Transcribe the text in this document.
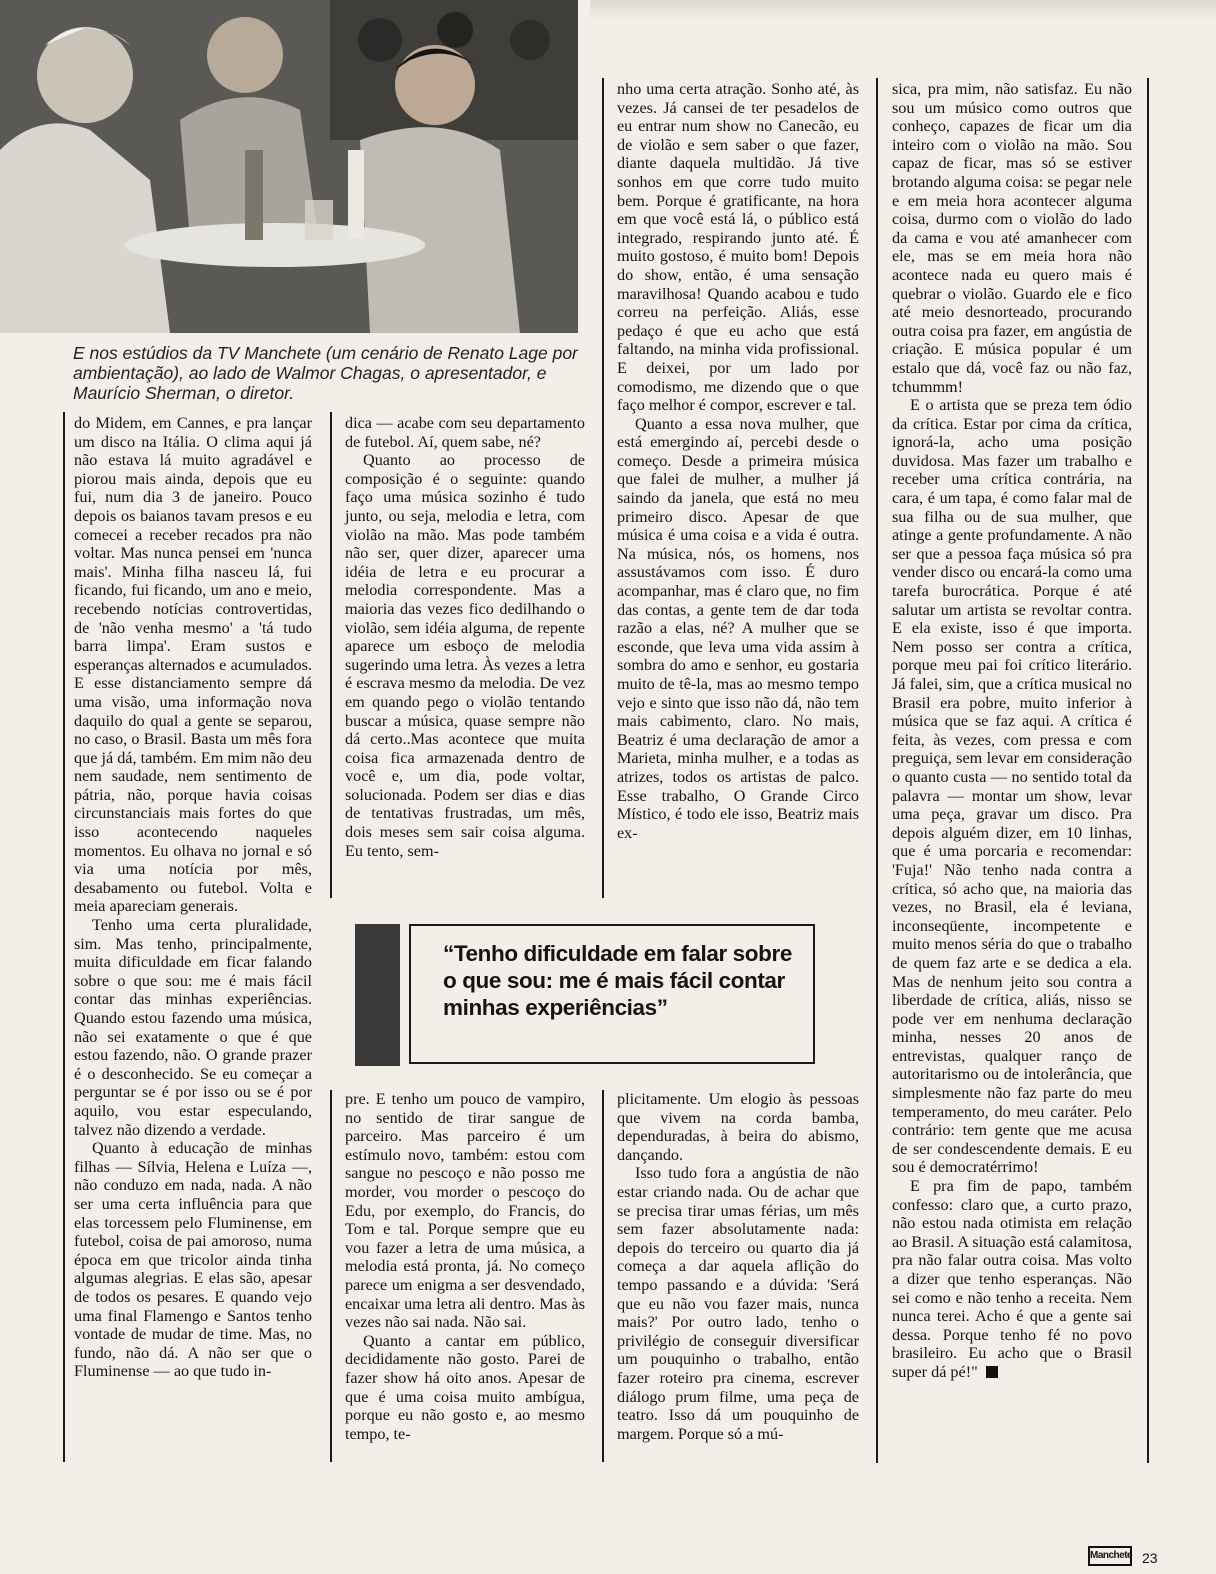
E nos estúdios da TV Manchete (um cenário de Renato Lage por ambientação), ao lado de Walmor Chagas, o apresentador, e Maurício Sherman, o diretor.

do Midem, em Cannes, e pra lançar um disco na Itália. O clima aqui já não estava lá muito agradável e piorou mais ainda, depois que eu fui, num dia 3 de janeiro. Pouco depois os baianos tavam presos e eu comecei a receber recados pra não voltar. Mas nunca pensei em 'nunca mais'. Minha filha nasceu lá, fui ficando, fui ficando, um ano e meio, recebendo notícias controvertidas, de 'não venha mesmo' a 'tá tudo barra limpa'. Eram sustos e esperanças alternados e acumulados. E esse distanciamento sempre dá uma visão, uma informação nova daquilo do qual a gente se separou, no caso, o Brasil. Basta um mês fora que já dá, também. Em mim não deu nem saudade, nem sentimento de pátria, não, porque havia coisas circunstanciais mais fortes do que isso acontecendo naqueles momentos. Eu olhava no jornal e só via uma notícia por mês, desabamento ou futebol. Volta e meia apareciam generais.

Tenho uma certa pluralidade, sim. Mas tenho, principalmente, muita dificuldade em ficar falando sobre o que sou: me é mais fácil contar das minhas experiências. Quando estou fazendo uma música, não sei exatamente o que é que estou fazendo, não. O grande prazer é o desconhecido. Se eu começar a perguntar se é por isso ou se é por aquilo, vou estar especulando, talvez não dizendo a verdade.

Quanto à educação de minhas filhas — Sílvia, Helena e Luíza —, não conduzo em nada, nada. A não ser uma certa influência para que elas torcessem pelo Fluminense, em futebol, coisa de pai amoroso, numa época em que tricolor ainda tinha algumas alegrias. E elas são, apesar de todos os pesares. E quando vejo uma final Flamengo e Santos tenho vontade de mudar de time. Mas, no fundo, não dá. A não ser que o Fluminense — ao que tudo in-

dica — acabe com seu departamento de futebol. Aí, quem sabe, né?

Quanto ao processo de composição é o seguinte: quando faço uma música sozinho é tudo junto, ou seja, melodia e letra, com violão na mão. Mas pode também não ser, quer dizer, aparecer uma idéia de letra e eu procurar a melodia correspondente. Mas a maioria das vezes fico dedilhando o violão, sem idéia alguma, de repente aparece um esboço de melodia sugerindo uma letra. Às vezes a letra é escrava mesmo da melodia. De vez em quando pego o violão tentando buscar a música, quase sempre não dá certo..Mas acontece que muita coisa fica armazenada dentro de você e, um dia, pode voltar, solucionada. Podem ser dias e dias de tentativas frustradas, um mês, dois meses sem sair coisa alguma. Eu tento, sem-

nho uma certa atração. Sonho até, às vezes. Já cansei de ter pesadelos de eu entrar num show no Canecão, eu de violão e sem saber o que fazer, diante daquela multidão. Já tive sonhos em que corre tudo muito bem. Porque é gratificante, na hora em que você está lá, o público está integrado, respirando junto até. É muito gostoso, é muito bom! Depois do show, então, é uma sensação maravilhosa! Quando acabou e tudo correu na perfeição. Aliás, esse pedaço é que eu acho que está faltando, na minha vida profissional. E deixei, por um lado por comodismo, me dizendo que o que faço melhor é compor, escrever e tal.

Quanto a essa nova mulher, que está emergindo aí, percebi desde o começo. Desde a primeira música que falei de mulher, a mulher já saindo da janela, que está no meu primeiro disco. Apesar de que música é uma coisa e a vida é outra. Na música, nós, os homens, nos assustávamos com isso. É duro acompanhar, mas é claro que, no fim das contas, a gente tem de dar toda razão a elas, né? A mulher que se esconde, que leva uma vida assim à sombra do amo e senhor, eu gostaria muito de tê-la, mas ao mesmo tempo vejo e sinto que isso não dá, não tem mais cabimento, claro. No mais, Beatriz é uma declaração de amor a Marieta, minha mulher, e a todas as atrizes, todos os artistas de palco. Esse trabalho, O Grande Circo Místico, é todo ele isso, Beatriz mais ex-

sica, pra mim, não satisfaz. Eu não sou um músico como outros que conheço, capazes de ficar um dia inteiro com o violão na mão. Sou capaz de ficar, mas só se estiver brotando alguma coisa: se pegar nele e em meia hora acontecer alguma coisa, durmo com o violão do lado da cama e vou até amanhecer com ele, mas se em meia hora não acontece nada eu quero mais é quebrar o violão. Guardo ele e fico até meio desnorteado, procurando outra coisa pra fazer, em angústia de criação. E música popular é um estalo que dá, você faz ou não faz, tchummm!

E o artista que se preza tem ódio da crítica. Estar por cima da crítica, ignorá-la, acho uma posição duvidosa. Mas fazer um trabalho e receber uma crítica contrária, na cara, é um tapa, é como falar mal de sua filha ou de sua mulher, que atinge a gente profundamente. A não ser que a pessoa faça música só pra vender disco ou encará-la como uma tarefa burocrática. Porque é até salutar um artista se revoltar contra. E ela existe, isso é que importa. Nem posso ser contra a crítica, porque meu pai foi crítico literário. Já falei, sim, que a crítica musical no Brasil era pobre, muito inferior à música que se faz aqui. A crítica é feita, às vezes, com pressa e com preguiça, sem levar em consideração o quanto custa — no sentido total da palavra — montar um show, levar uma peça, gravar um disco. Pra depois alguém dizer, em 10 linhas, que é uma porcaria e recomendar: 'Fuja!' Não tenho nada contra a crítica, só acho que, na maioria das vezes, no Brasil, ela é leviana, inconseqüente, incompetente e muito menos séria do que o trabalho de quem faz arte e se dedica a ela. Mas de nenhum jeito sou contra a liberdade de crítica, aliás, nisso se pode ver em nenhuma declaração minha, nesses 20 anos de entrevistas, qualquer ranço de autoritarismo ou de intolerância, que simplesmente não faz parte do meu temperamento, do meu caráter. Pelo contrário: tem gente que me acusa de ser condescendente demais. E eu sou é democratérrimo!

E pra fim de papo, também confesso: claro que, a curto prazo, não estou nada otimista em relação ao Brasil. A situação está calamitosa, pra não falar outra coisa. Mas volto a dizer que tenho esperanças. Não sei como e não tenho a receita. Nem nunca terei. Acho é que a gente sai dessa. Porque tenho fé no povo brasileiro. Eu acho que o Brasil super dá pé!"

“Tenho dificuldade em falar sobre o que sou: me é mais fácil contar minhas experiências”

pre. E tenho um pouco de vampiro, no sentido de tirar sangue de parceiro. Mas parceiro é um estímulo novo, também: estou com sangue no pescoço e não posso me morder, vou morder o pescoço do Edu, por exemplo, do Francis, do Tom e tal. Porque sempre que eu vou fazer a letra de uma música, a melodia está pronta, já. No começo parece um enigma a ser desvendado, encaixar uma letra ali dentro. Mas às vezes não sai nada. Não sai.

Quanto a cantar em público, decididamente não gosto. Parei de fazer show há oito anos. Apesar de que é uma coisa muito ambígua, porque eu não gosto e, ao mesmo tempo, te-

plicitamente. Um elogio às pessoas que vivem na corda bamba, dependuradas, à beira do abismo, dançando.

Isso tudo fora a angústia de não estar criando nada. Ou de achar que se precisa tirar umas férias, um mês sem fazer absolutamente nada: depois do terceiro ou quarto dia já começa a dar aquela aflição do tempo passando e a dúvida: 'Será que eu não vou fazer mais, nunca mais?' Por outro lado, tenho o privilégio de conseguir diversificar um pouquinho o trabalho, então fazer roteiro pra cinema, escrever diálogo prum filme, uma peça de teatro. Isso dá um pouquinho de margem. Porque só a mú-

Manchete 23
